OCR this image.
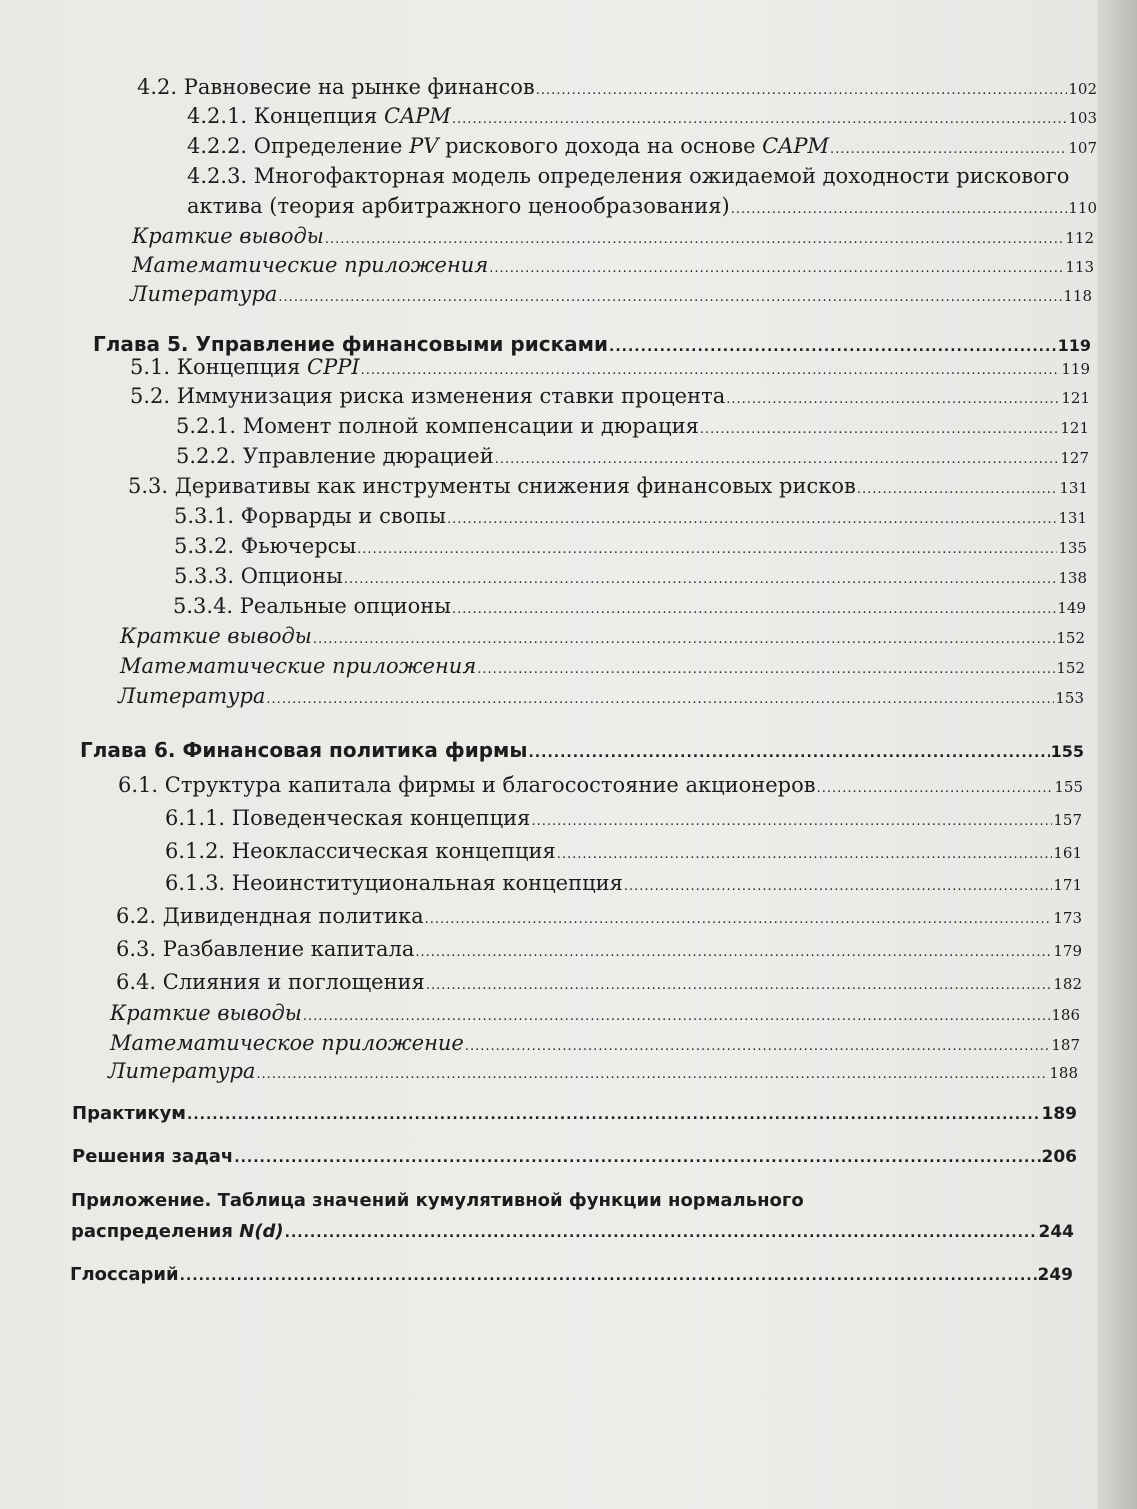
4.2. Равновесие на рынке финансов .....	102
4.2.1. Концепция CAPM .....	103
4.2.2. Определение PV рискового дохода на основе CAPM .....	107
4.2.3. Многофакторная модель определения ожидаемой доходности рискового
актива (теория арбитражного ценообразования) .....	110
Краткие выводы .....	112
Математические приложения .....	113
Литература .....	118
Глава 5. Управление финансовыми рисками .....	119
5.1. Концепция CPPI .....	119
5.2. Иммунизация риска изменения ставки процента .....	121
5.2.1. Момент полной компенсации и дюрация .....	121
5.2.2. Управление дюрацией .....	127
5.3. Деривативы как инструменты снижения финансовых рисков .....	131
5.3.1. Форварды и свопы .....	131
5.3.2. Фьючерсы .....	135
5.3.3. Опционы .....	138
5.3.4. Реальные опционы .....	149
Краткие выводы .....	152
Математические приложения .....	152
Литература .....	153
Глава 6. Финансовая политика фирмы .....	155
6.1. Структура капитала фирмы и благосостояние акционеров .....	155
6.1.1. Поведенческая концепция .....	157
6.1.2. Неоклассическая концепция .....	161
6.1.3. Неоинституциональная концепция .....	171
6.2. Дивидендная политика .....	173
6.3. Разбавление капитала .....	179
6.4. Слияния и поглощения .....	182
Краткие выводы .....	186
Математическое приложение .....	187
Литература .....	188
Практикум .....	189
Решения задач .....	206
Приложение. Таблица значений кумулятивной функции нормального
распределения N(d) .....	244
Глоссарий .....	249
